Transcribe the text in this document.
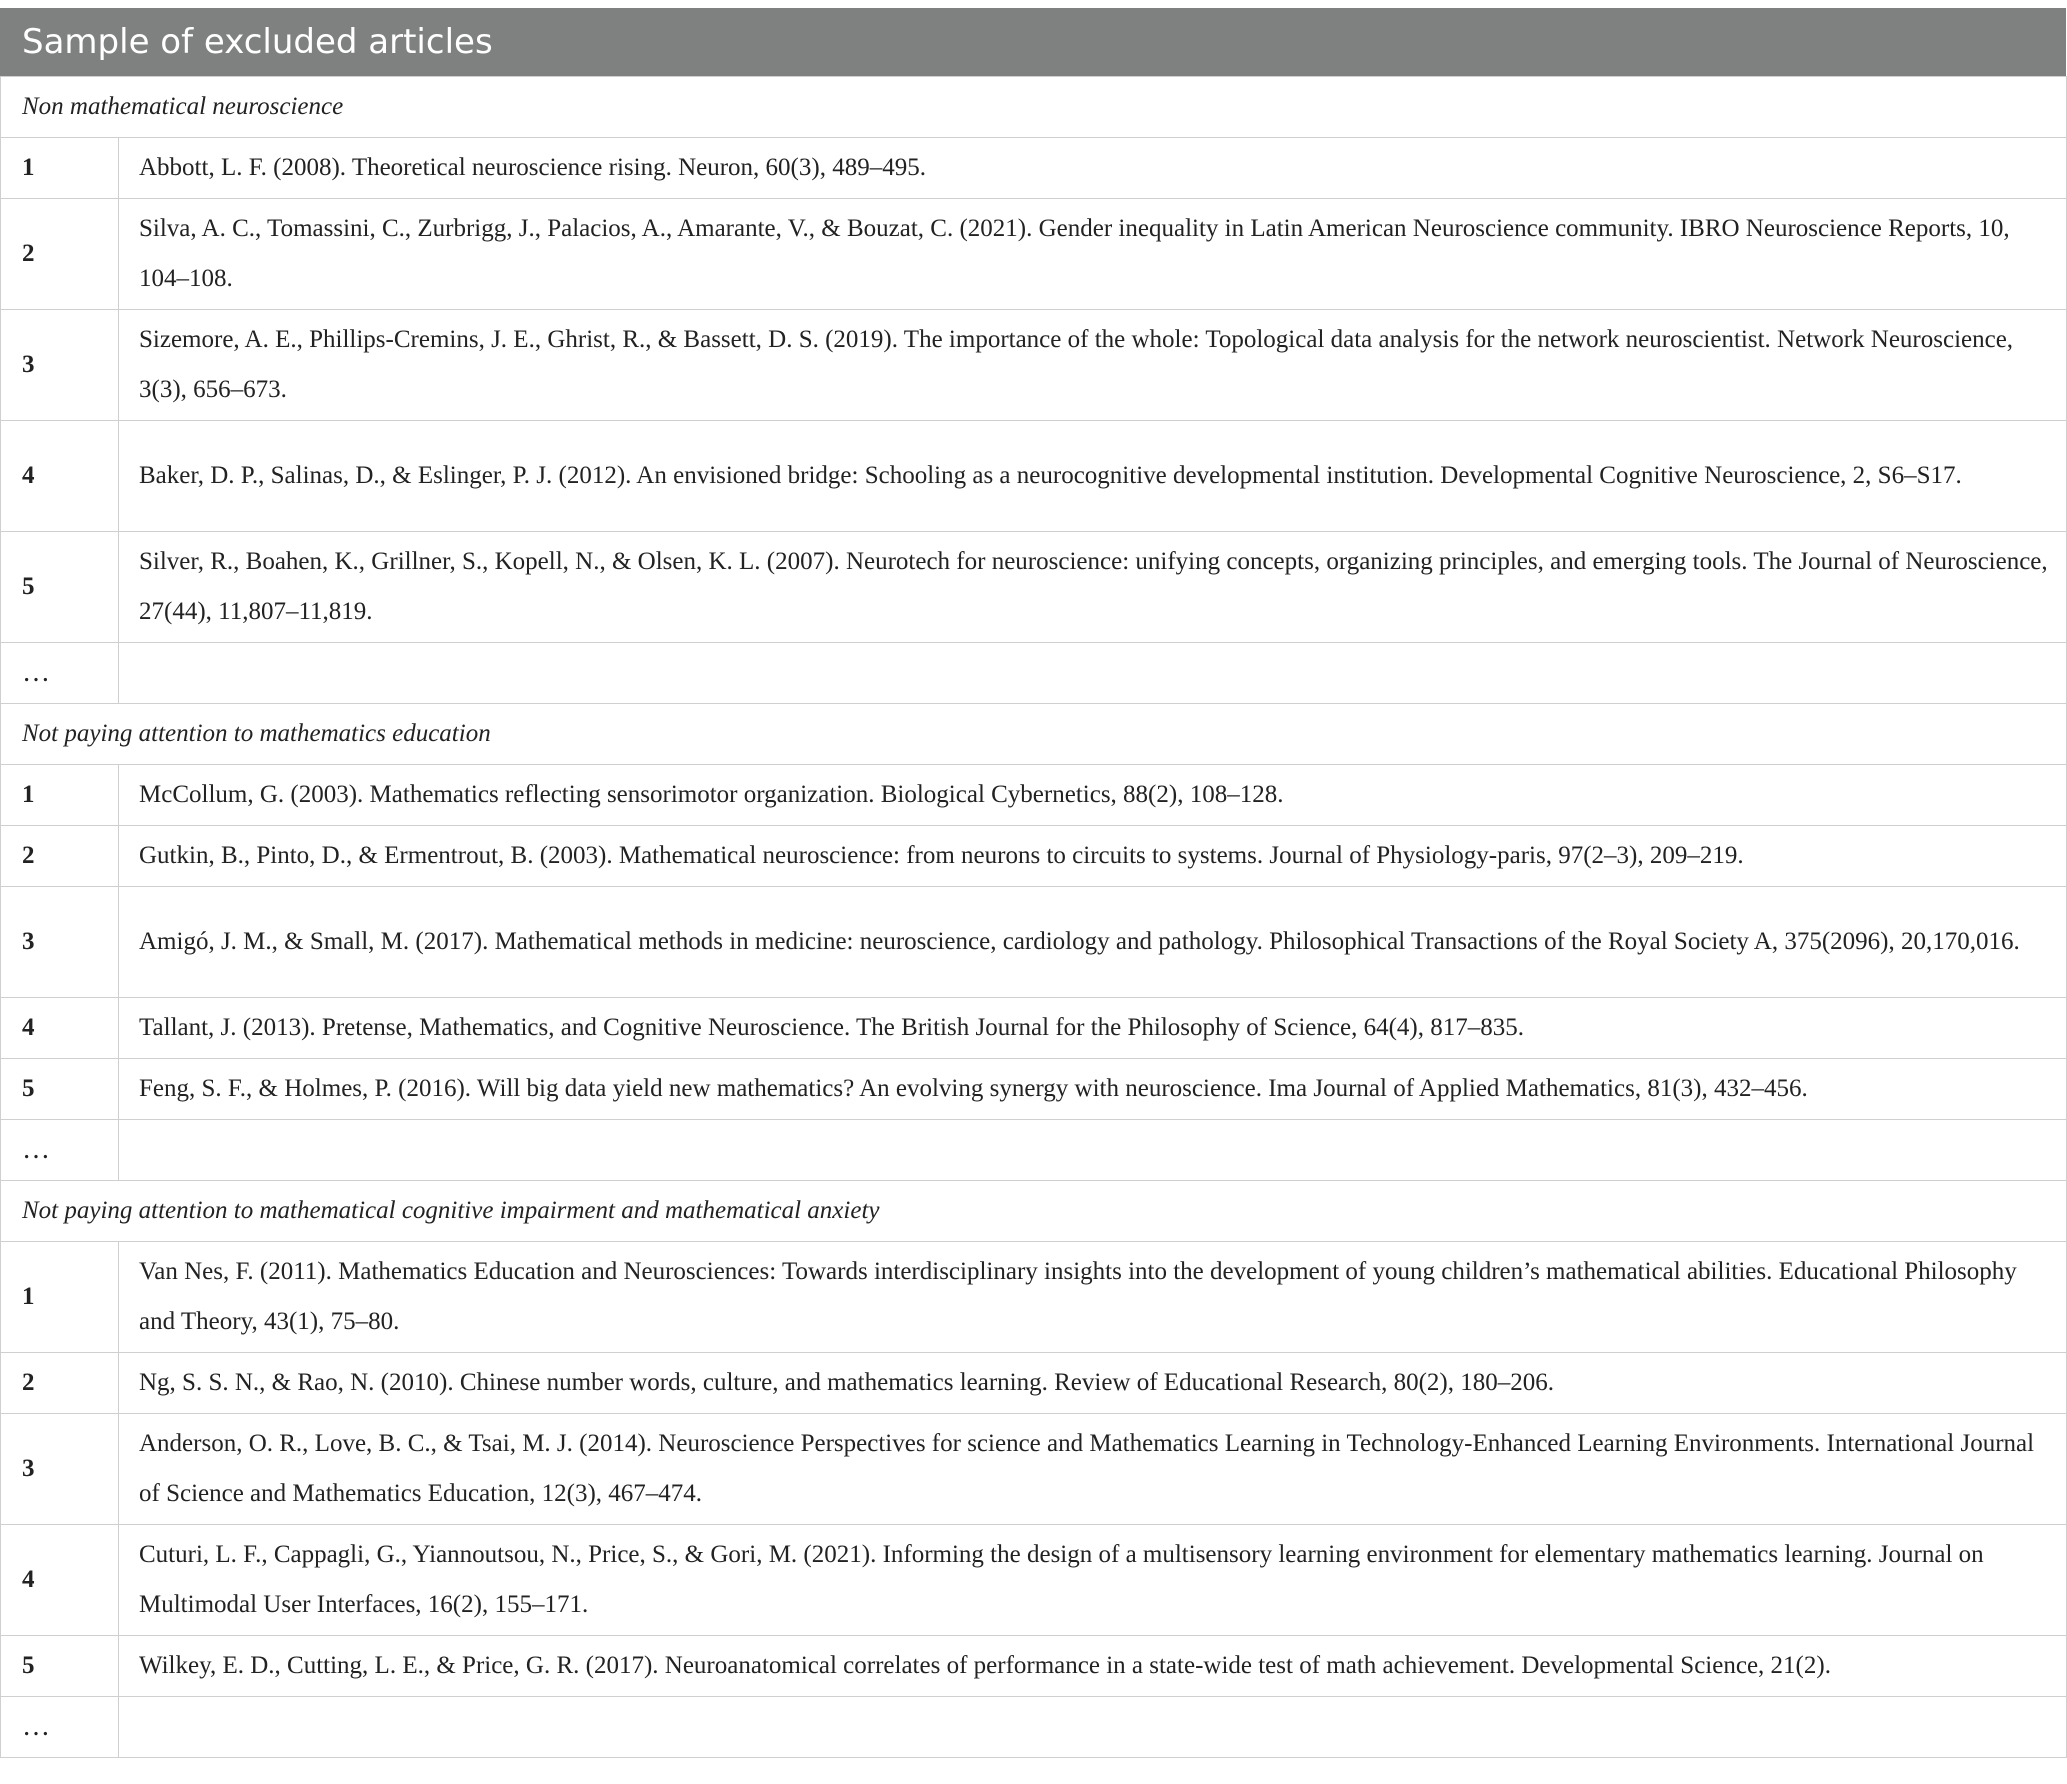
Sample of excluded articles
Non mathematical neuroscience	
1	Abbott, L. F. (2008). Theoretical neuroscience rising. Neuron, 60(3), 489–495.
2	Silva, A. C., Tomassini, C., Zurbrigg, J., Palacios, A., Amarante, V., & Bouzat, C. (2021). Gender inequality in Latin American Neuroscience community. IBRO Neuroscience Reports, 10, 104–108.
3	Sizemore, A. E., Phillips-Cremins, J. E., Ghrist, R., & Bassett, D. S. (2019). The importance of the whole: Topological data analysis for the network neuroscientist. Network Neuroscience, 3(3), 656–673.
4	Baker, D. P., Salinas, D., & Eslinger, P. J. (2012). An envisioned bridge: Schooling as a neurocognitive developmental institution. Developmental Cognitive Neuroscience, 2, S6–S17.
5	Silver, R., Boahen, K., Grillner, S., Kopell, N., & Olsen, K. L. (2007). Neurotech for neuroscience: unifying concepts, organizing principles, and emerging tools. The Journal of Neuroscience, 27(44), 11,807–11,819.
…	
Not paying attention to mathematics education	
1	McCollum, G. (2003). Mathematics reflecting sensorimotor organization. Biological Cybernetics, 88(2), 108–128.
2	Gutkin, B., Pinto, D., & Ermentrout, B. (2003). Mathematical neuroscience: from neurons to circuits to systems. Journal of Physiology-paris, 97(2–3), 209–219.
3	Amigó, J. M., & Small, M. (2017). Mathematical methods in medicine: neuroscience, cardiology and pathology. Philosophical Transactions of the Royal Society A, 375(2096), 20,170,016.
4	Tallant, J. (2013). Pretense, Mathematics, and Cognitive Neuroscience. The British Journal for the Philosophy of Science, 64(4), 817–835.
5	Feng, S. F., & Holmes, P. (2016). Will big data yield new mathematics? An evolving synergy with neuroscience. Ima Journal of Applied Mathematics, 81(3), 432–456.
…	
Not paying attention to mathematical cognitive impairment and mathematical anxiety	
1	Van Nes, F. (2011). Mathematics Education and Neurosciences: Towards interdisciplinary insights into the development of young children’s mathematical abilities. Educational Philosophy and Theory, 43(1), 75–80.
2	Ng, S. S. N., & Rao, N. (2010). Chinese number words, culture, and mathematics learning. Review of Educational Research, 80(2), 180–206.
3	Anderson, O. R., Love, B. C., & Tsai, M. J. (2014). Neuroscience Perspectives for science and Mathematics Learning in Technology-Enhanced Learning Environments. International Journal of Science and Mathematics Education, 12(3), 467–474.
4	Cuturi, L. F., Cappagli, G., Yiannoutsou, N., Price, S., & Gori, M. (2021). Informing the design of a multisensory learning environment for elementary mathematics learning. Journal on Multimodal User Interfaces, 16(2), 155–171.
5	Wilkey, E. D., Cutting, L. E., & Price, G. R. (2017). Neuroanatomical correlates of performance in a state-wide test of math achievement. Developmental Science, 21(2).
…	
